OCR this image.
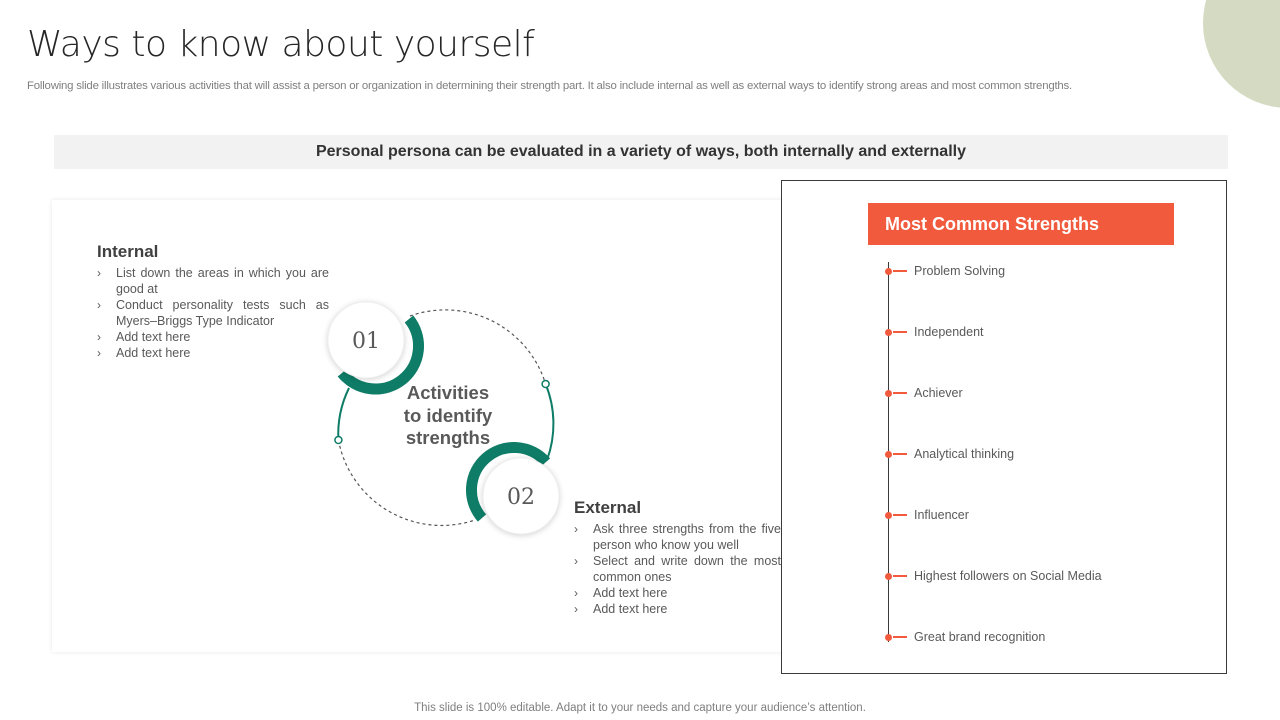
Ways to know about yourself

Following slide illustrates various activities that will assist a person or organization in determining their strength part. It also include internal as well as external ways to identify strong areas and most common strengths.

Personal persona can be evaluated in a variety of ways, both internally and externally
01
02
Activities
to identify
strengths
Internal
› List down the areas in which you are good at
› Conduct personality tests such as Myers–Briggs Type Indicator
› Add text here
› Add text here
External
› Ask three strengths from the five person who know you well
› Select and write down the most common ones
› Add text here
› Add text here
Most Common Strengths
Problem Solving
Independent
Achiever
Analytical thinking
Influencer
Highest followers on Social Media
Great brand recognition
This slide is 100% editable. Adapt it to your needs and capture your audience’s attention.
